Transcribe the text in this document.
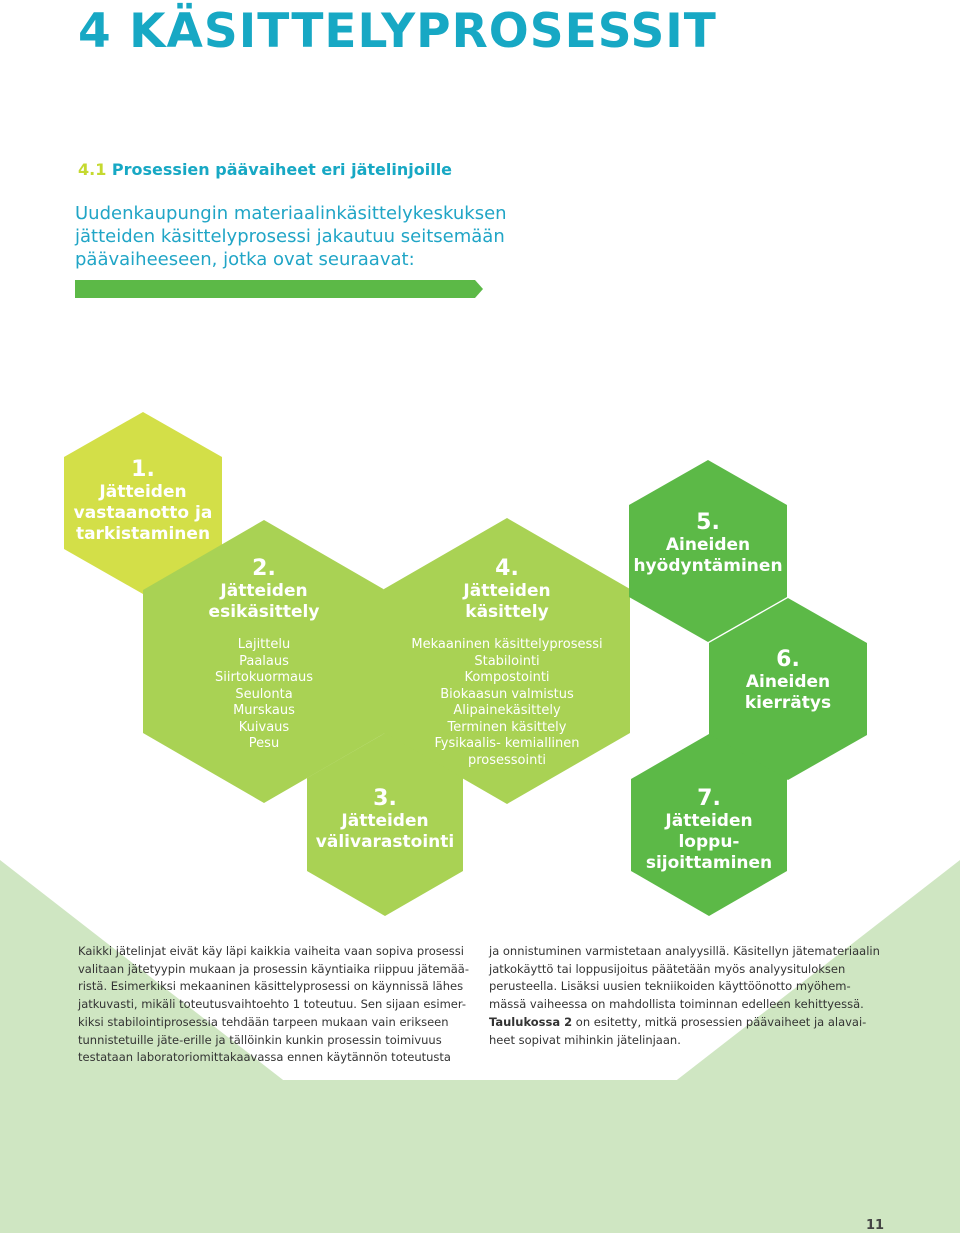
4 KÄSITTELYPROSESSIT
4.1 Prosessien päävaiheet eri jätelinjoille
Uudenkaupungin materiaalinkäsittelykeskuksen jätteiden käsittelyprosessi jakautuu seitsemään päävaiheeseen, jotka ovat seuraavat:
1.
Jätteiden
vastaanotto ja
tarkistaminen
2.
Jätteiden
esikäsittely
Lajittelu
Paalaus
Siirtokuormaus
Seulonta
Murskaus
Kuivaus
Pesu
4.
Jätteiden
käsittely
Mekaaninen käsittelyprosessi
Stabilointi
Kompostointi
Biokaasun valmistus
Alipainekäsittely
Terminen käsittely
Fysikaalis- kemiallinen
prosessointi
3.
Jätteiden
välivarastointi
5.
Aineiden
hyödyntäminen
6.
Aineiden
kierrätys
7.
Jätteiden
loppu-
sijoittaminen
Kaikki jätelinjat eivät käy läpi kaikkia vaiheita vaan sopiva prosessi
valitaan jätetyypin mukaan ja prosessin käyntiaika riippuu jätemää-
ristä. Esimerkiksi mekaaninen käsittelyprosessi on käynnissä lähes
jatkuvasti, mikäli toteutusvaihtoehto 1 toteutuu. Sen sijaan esimer-
kiksi stabilointiprosessia tehdään tarpeen mukaan vain erikseen
tunnistetuille jäte-erille ja tällöinkin kunkin prosessin toimivuus
testataan laboratoriomittakaavassa ennen käytännön toteutusta
ja onnistuminen varmistetaan analyysillä. Käsitellyn jätemateriaalin
jatkokäyttö tai loppusijoitus päätetään myös analyysituloksen
perusteella. Lisäksi uusien tekniikoiden käyttöönotto myöhem-
mässä vaiheessa on mahdollista toiminnan edelleen kehittyessä.
Taulukossa 2 on esitetty, mitkä prosessien päävaiheet ja alavai-
heet sopivat mihinkin jätelinjaan.
11
